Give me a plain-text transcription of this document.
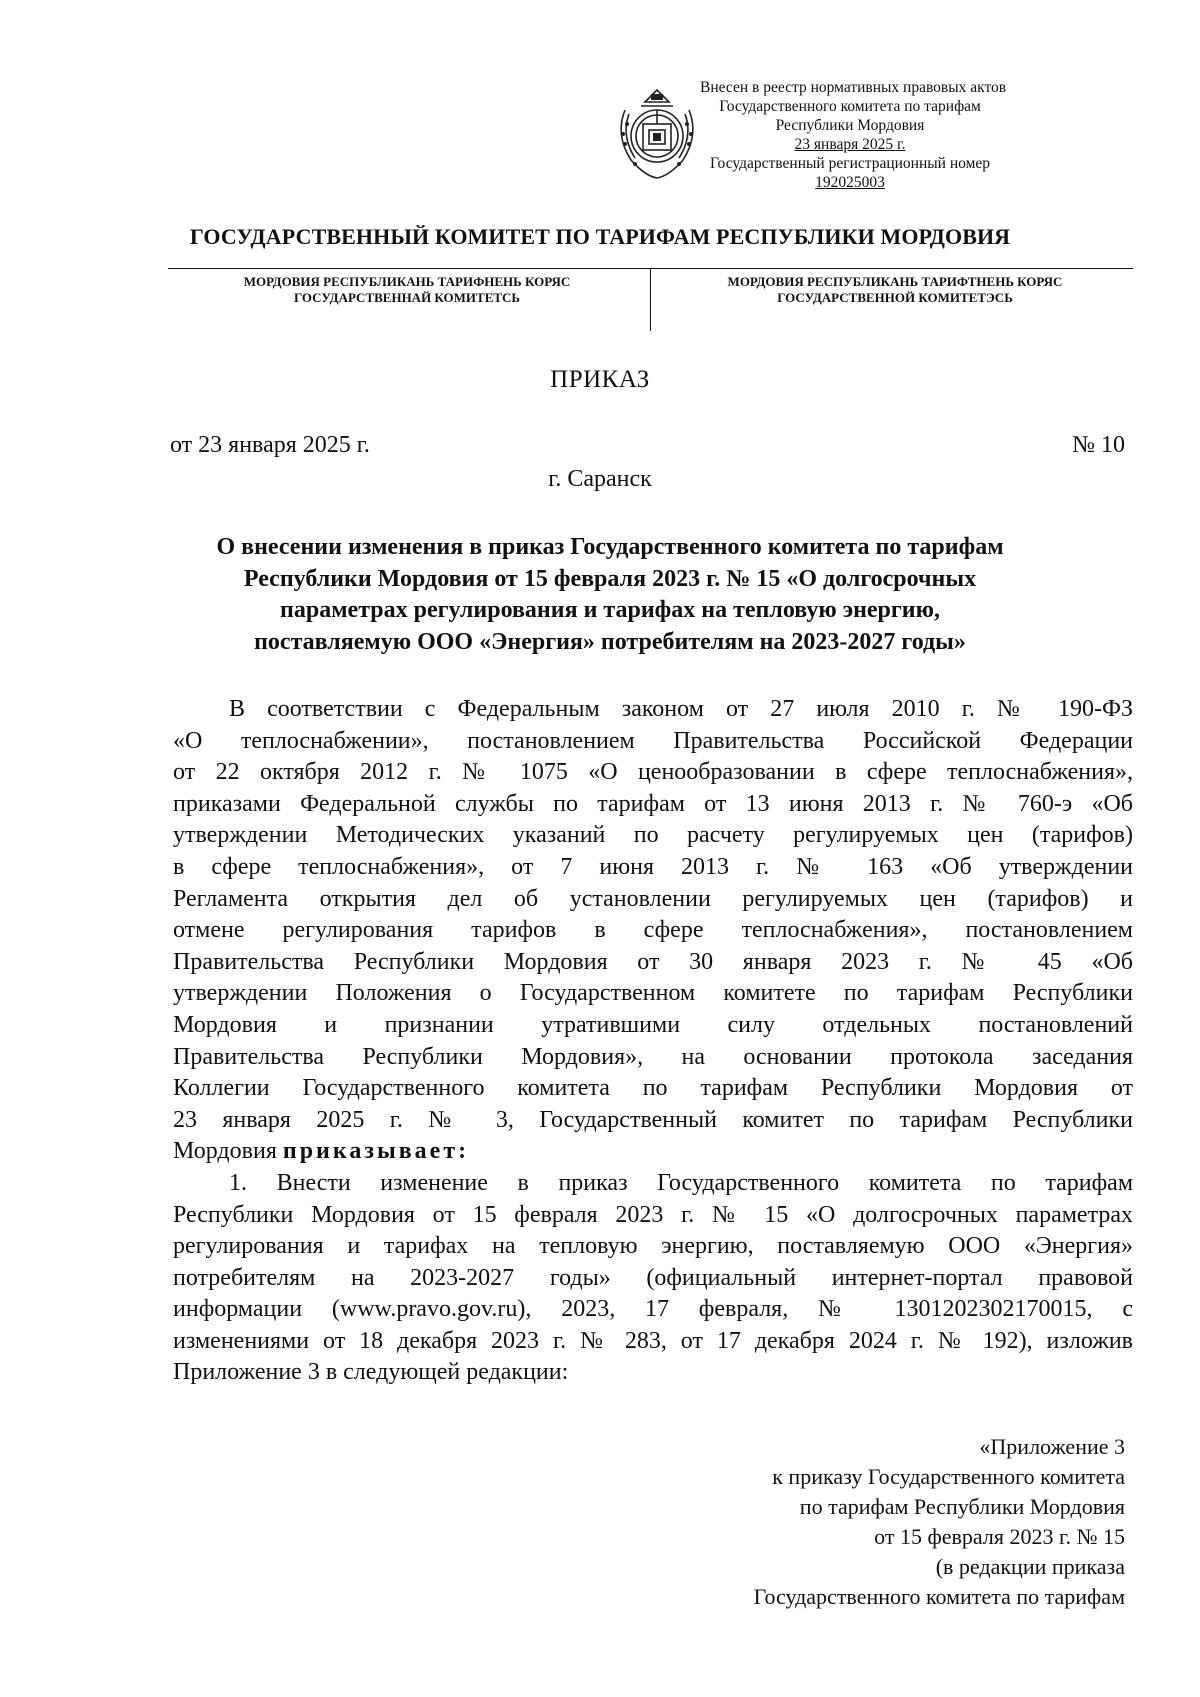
Внесен в реестр нормативных правовых актов
Государственного комитета по тарифам
Республики Мордовия
23 января 2025 г.
Государственный регистрационный номер
192025003
ГОСУДАРСТВЕННЫЙ КОМИТЕТ ПО ТАРИФАМ РЕСПУБЛИКИ МОРДОВИЯ
МОРДОВИЯ РЕСПУБЛИКАНЬ ТАРИФНЕНЬ КОРЯС
ГОСУДАРСТВЕННАЙ КОМИТЕТСЬ
МОРДОВИЯ РЕСПУБЛИКАНЬ ТАРИФТНЕНЬ КОРЯС
ГОСУДАРСТВЕННОЙ КОМИТЕТЭСЬ
ПРИКАЗ
от 23 января 2025 г.	№ 10
г. Саранск
О внесении изменения в приказ Государственного комитета по тарифам
Республики Мордовия от 15 февраля 2023 г. № 15 «О долгосрочных
параметрах регулирования и тарифах на тепловую энергию,
поставляемую ООО «Энергия» потребителям на 2023-2027 годы»
В соответствии с Федеральным законом от 27 июля 2010 г. № 190-ФЗ
«О теплоснабжении», постановлением Правительства Российской Федерации
от 22 октября 2012 г. № 1075 «О ценообразовании в сфере теплоснабжения»,
приказами Федеральной службы по тарифам от 13 июня 2013 г. № 760-э «Об
утверждении Методических указаний по расчету регулируемых цен (тарифов)
в сфере теплоснабжения», от 7 июня 2013 г. № 163 «Об утверждении
Регламента открытия дел об установлении регулируемых цен (тарифов) и
отмене регулирования тарифов в сфере теплоснабжения», постановлением
Правительства Республики Мордовия от 30 января 2023 г. № 45 «Об
утверждении Положения о Государственном комитете по тарифам Республики
Мордовия и признании утратившими силу отдельных постановлений
Правительства Республики Мордовия», на основании протокола заседания
Коллегии Государственного комитета по тарифам Республики Мордовия от
23 января 2025 г. № 3, Государственный комитет по тарифам Республики
Мордовия приказывает:
1. Внести изменение в приказ Государственного комитета по тарифам
Республики Мордовия от 15 февраля 2023 г. № 15 «О долгосрочных параметрах
регулирования и тарифах на тепловую энергию, поставляемую ООО «Энергия»
потребителям на 2023-2027 годы» (официальный интернет-портал правовой
информации (www.pravo.gov.ru), 2023, 17 февраля, № 1301202302170015, с
изменениями от 18 декабря 2023 г. № 283, от 17 декабря 2024 г. № 192), изложив
Приложение 3 в следующей редакции:
«Приложение 3
к приказу Государственного комитета
по тарифам Республики Мордовия
от 15 февраля 2023 г. № 15
(в редакции приказа
Государственного комитета по тарифам
